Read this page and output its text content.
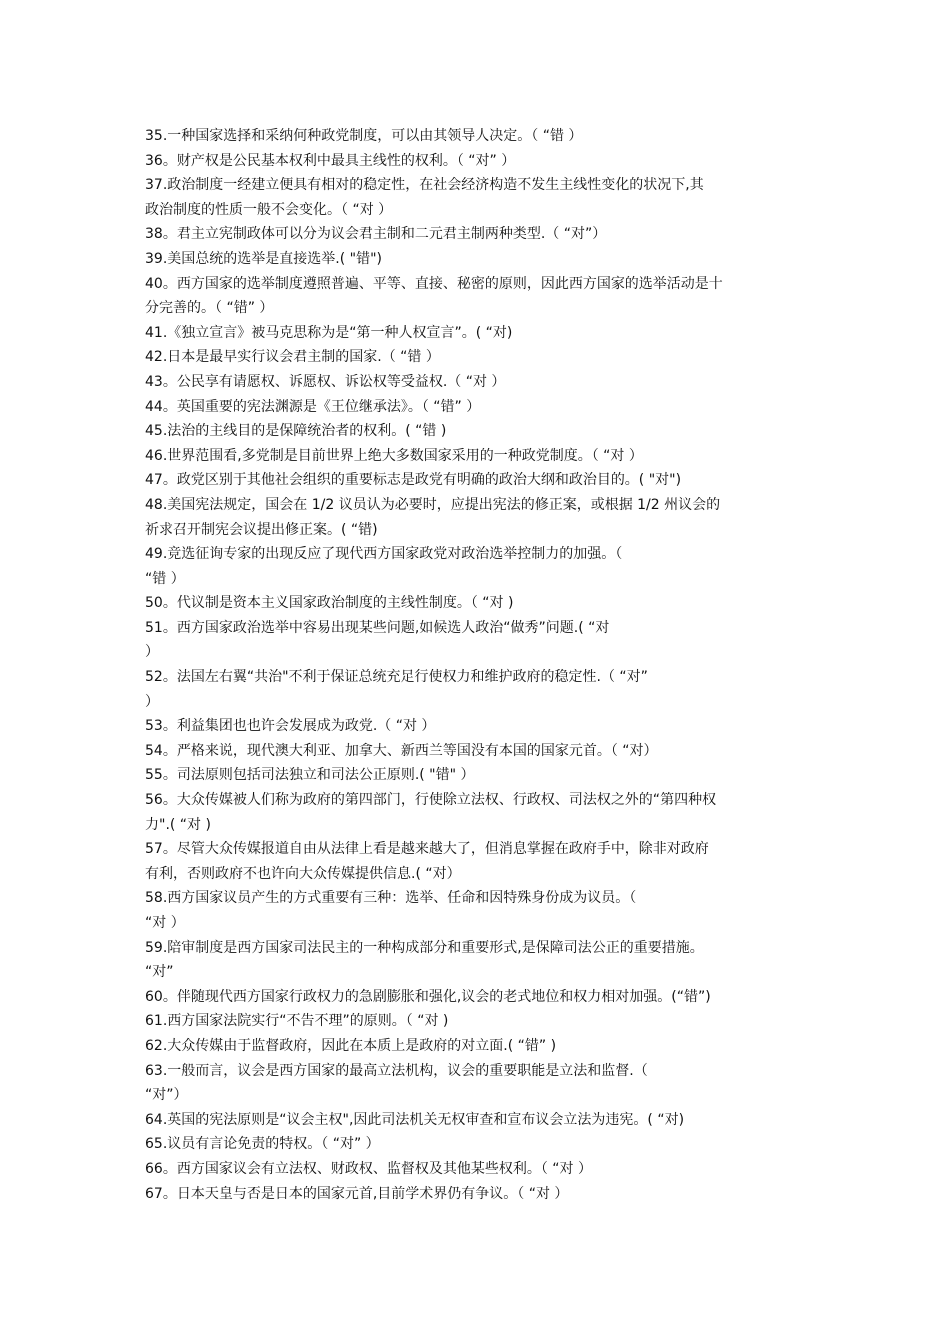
35.一种国家选择和采纳何种政党制度，可以由其领导人决定。（ “错 ）
36。财产权是公民基本权利中最具主线性的权利。（ “对” ）
37.政治制度一经建立便具有相对的稳定性，在社会经济构造不发生主线性变化的状况下,其
政治制度的性质一般不会变化。（ “对 ）
38。君主立宪制政体可以分为议会君主制和二元君主制两种类型.（ “对”）
39.美国总统的选举是直接选举.( "错")
40。西方国家的选举制度遵照普遍、平等、直接、秘密的原则，因此西方国家的选举活动是十
分完善的。（ “错” ）
41.《独立宣言》被马克思称为是“第一种人权宣言”。( “对)
42.日本是最早实行议会君主制的国家.（ “错 ）
43。公民享有请愿权、诉愿权、诉讼权等受益权.（ “对 ）
44。英国重要的宪法渊源是《王位继承法》。（ “错” ）
45.法治的主线目的是保障统治者的权利。( “错 )
46.世界范围看,多党制是目前世界上绝大多数国家采用的一种政党制度。（ “对 ）
47。政党区别于其他社会组织的重要标志是政党有明确的政治大纲和政治目的。( "对")
48.美国宪法规定，国会在 1/2 议员认为必要时，应提出宪法的修正案，或根据 1/2 州议会的
祈求召开制宪会议提出修正案。( “错)
49.竞选征询专家的出现反应了现代西方国家政党对政治选举控制力的加强。（
“错 ）
50。代议制是资本主义国家政治制度的主线性制度。（ “对 )
51。西方国家政治选举中容易出现某些问题,如候选人政治“做秀”问题.( “对
）
52。法国左右翼“共治"不利于保证总统充足行使权力和维护政府的稳定性.（ “对”
）
53。利益集团也也许会发展成为政党.（ “对 ）
54。严格来说，现代澳大利亚、加拿大、新西兰等国没有本国的国家元首。（ “对）
55。司法原则包括司法独立和司法公正原则.( "错" ）
56。大众传媒被人们称为政府的第四部门，行使除立法权、行政权、司法权之外的“第四种权
力".( “对 )
57。尽管大众传媒报道自由从法律上看是越来越大了，但消息掌握在政府手中，除非对政府
有利，否则政府不也许向大众传媒提供信息.( “对）
58.西方国家议员产生的方式重要有三种：选举、任命和因特殊身份成为议员。（
“对 ）
59.陪审制度是西方国家司法民主的一种构成部分和重要形式,是保障司法公正的重要措施。
“对”
60。伴随现代西方国家行政权力的急剧膨胀和强化,议会的老式地位和权力相对加强。(“错”)
61.西方国家法院实行“不告不理”的原则。（ “对 )
62.大众传媒由于监督政府，因此在本质上是政府的对立面.( “错” )
63.一般而言，议会是西方国家的最高立法机构，议会的重要职能是立法和监督.（
“对”）
64.英国的宪法原则是“议会主权",因此司法机关无权审查和宣布议会立法为违宪。( “对)
65.议员有言论免责的特权。（ “对” ）
66。西方国家议会有立法权、财政权、监督权及其他某些权利。（ “对 ）
67。日本天皇与否是日本的国家元首,目前学术界仍有争议。（ “对 ）
